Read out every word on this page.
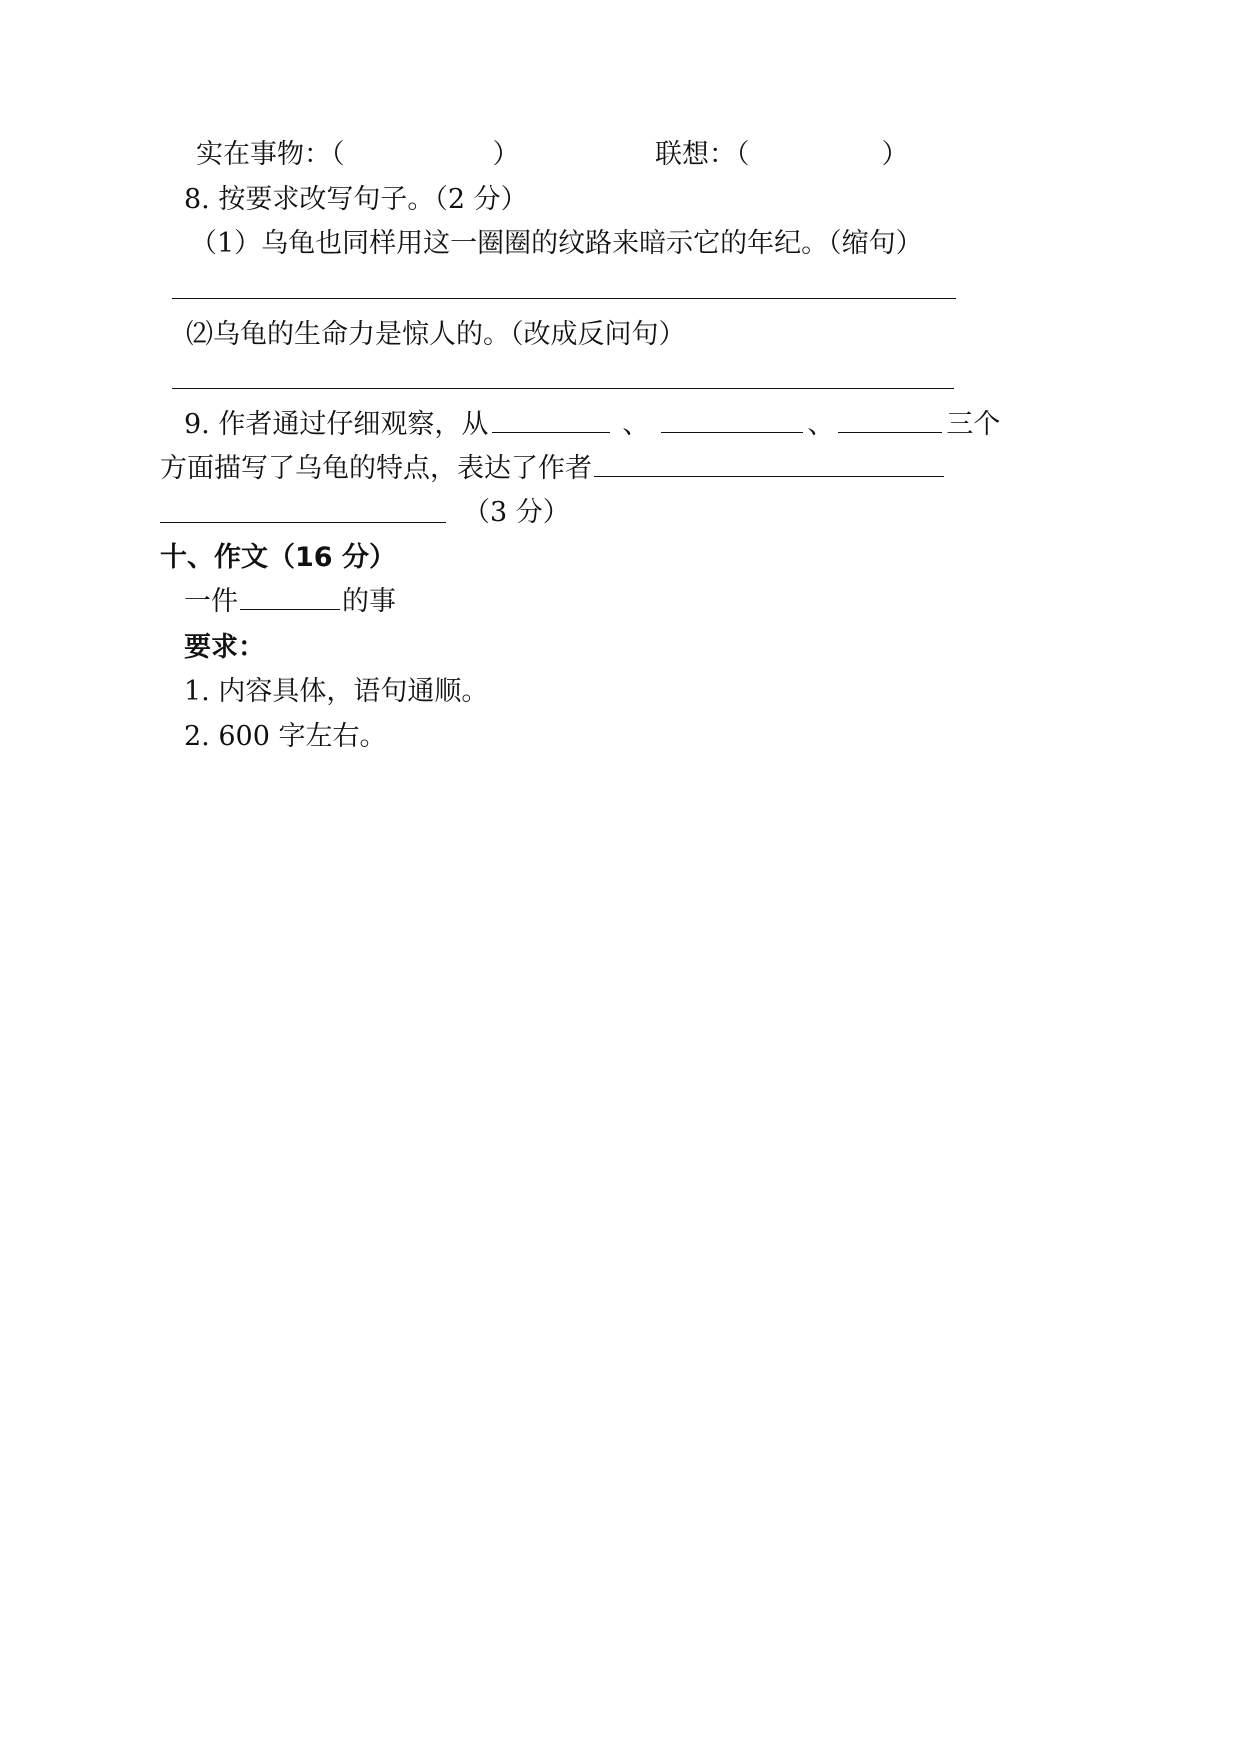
实在事物：（	）	联想：（	）
8. 按要求改写句子。（2 分）
（1）乌龟也同样用这一圈圈的纹路来暗示它的年纪。（缩句）
⑵乌龟的生命力是惊人的。（改成反问句）
9. 作者通过仔细观察，从	、	、	三个
方面描写了乌龟的特点，表达了作者
（3 分）
十、作文（16 分）
一件	的事
要求：
1. 内容具体，语句通顺。
2. 600 字左右。
